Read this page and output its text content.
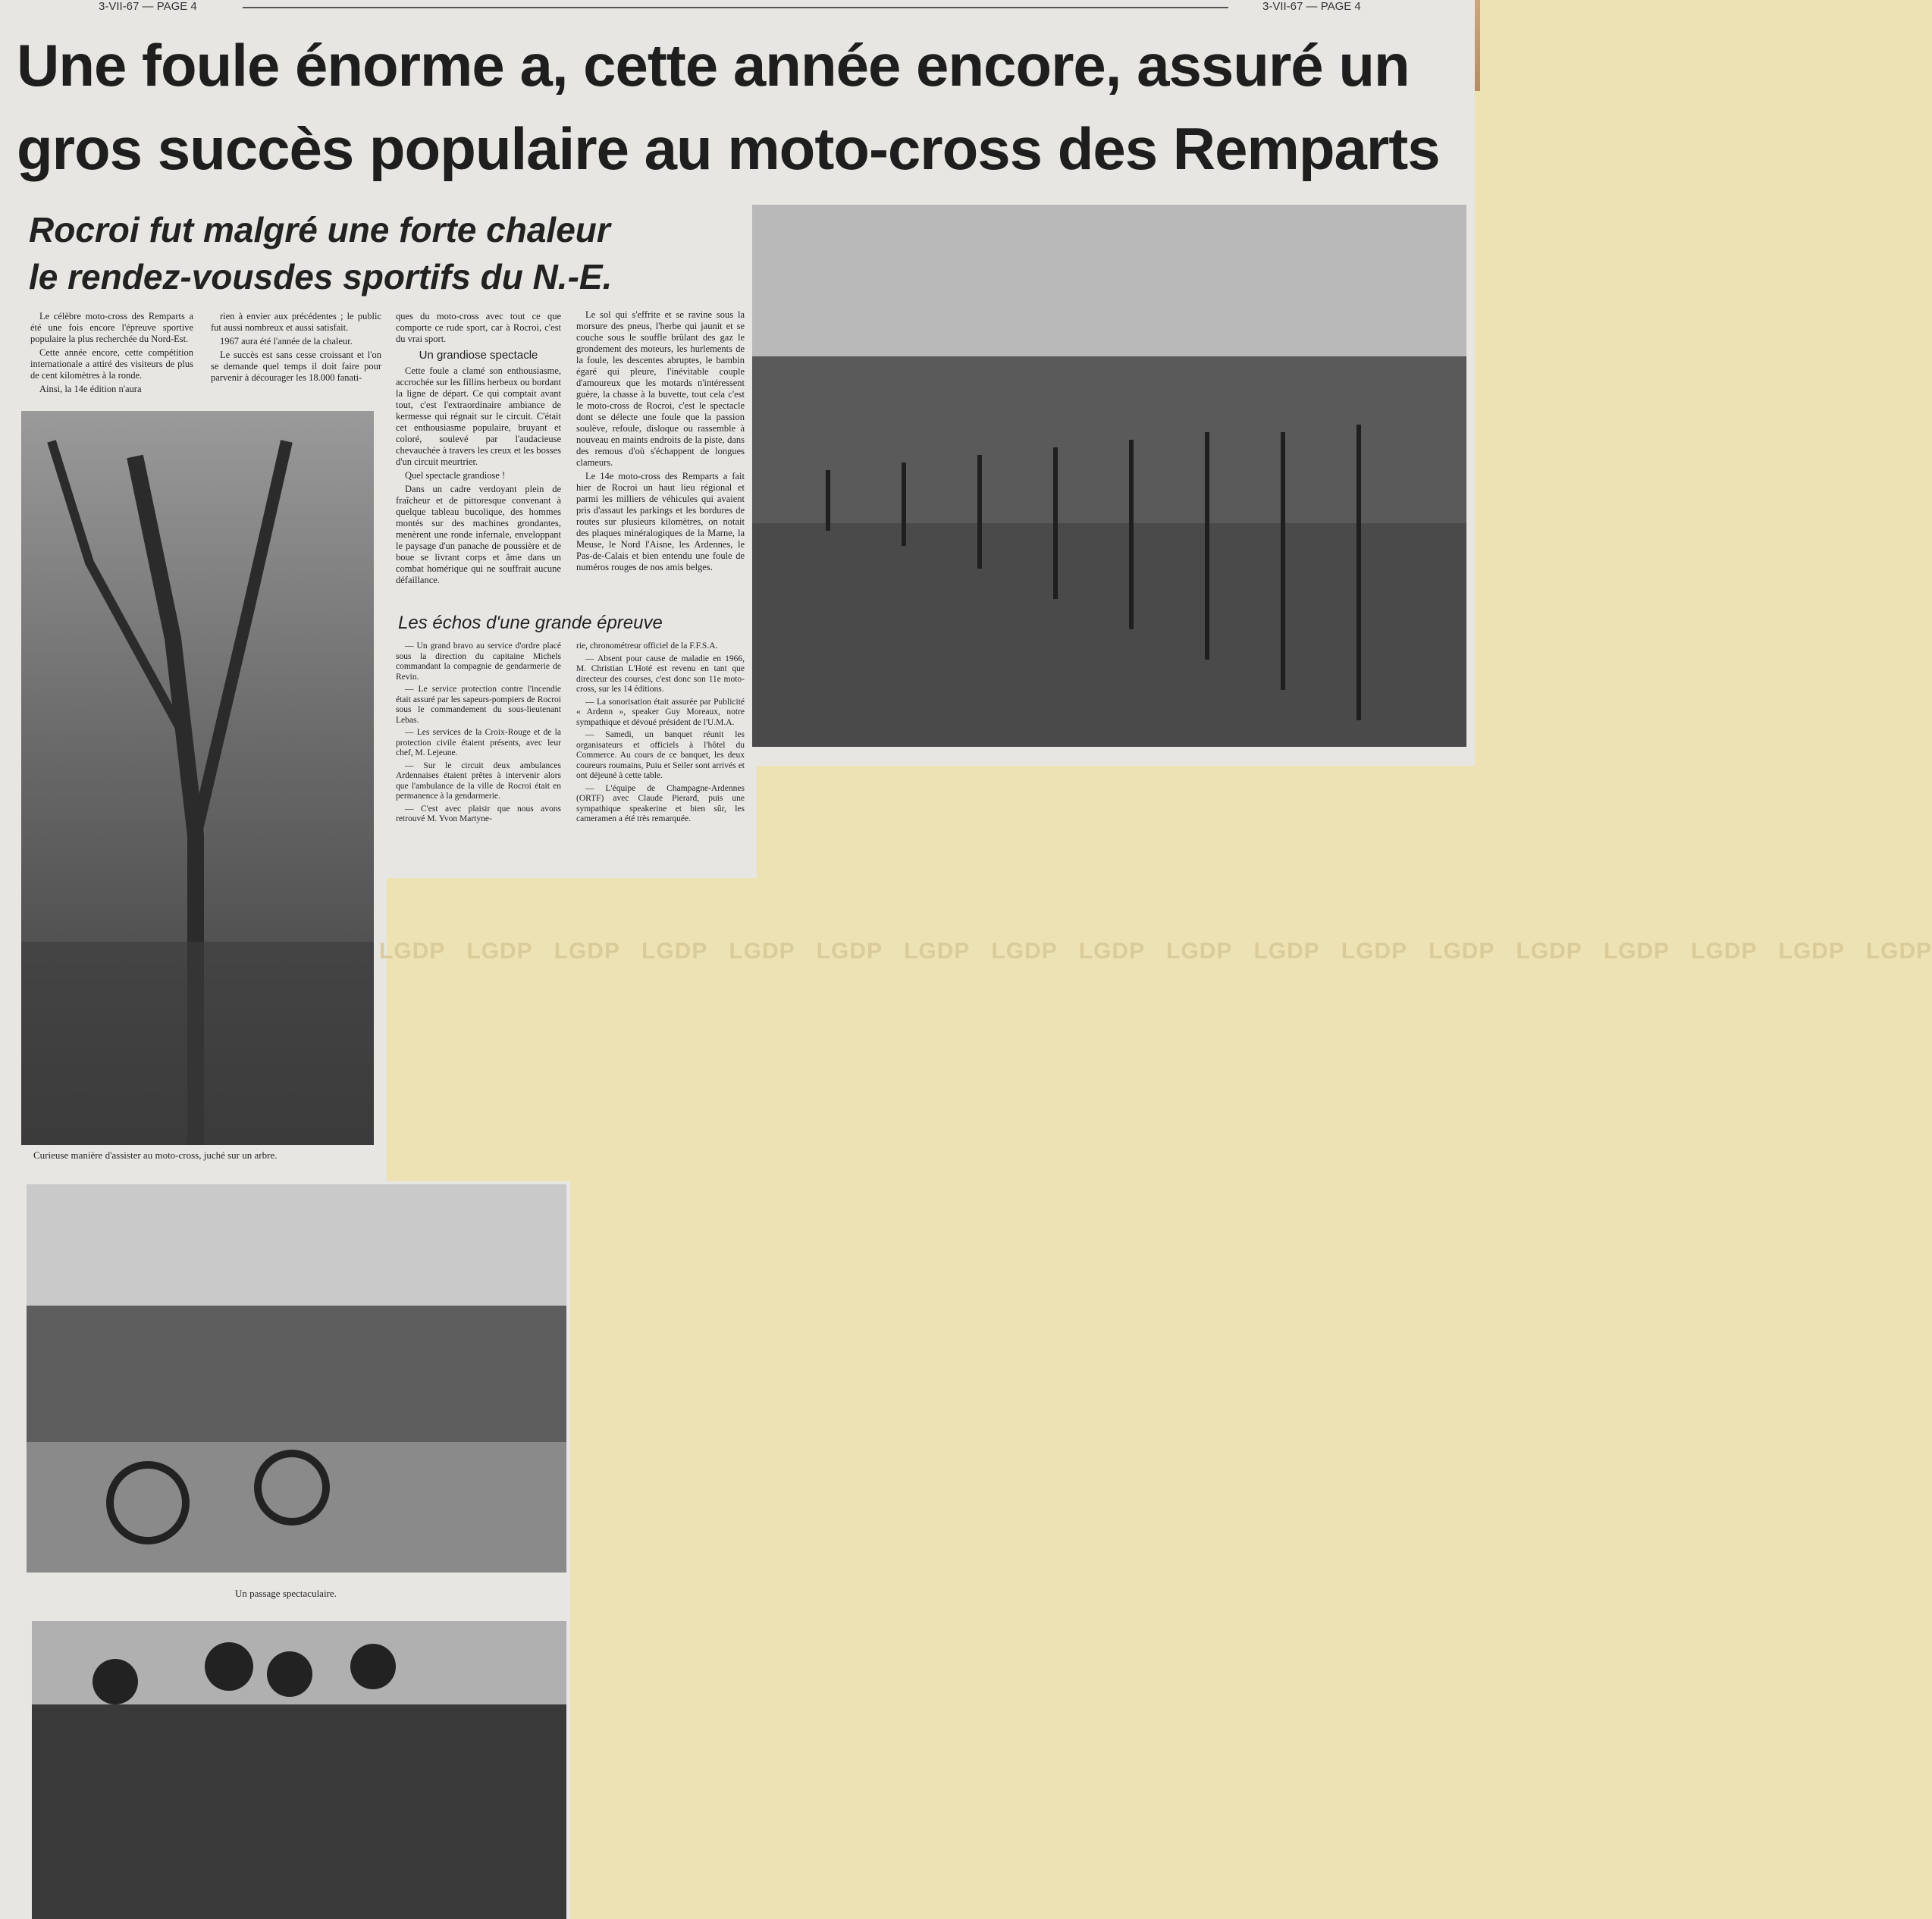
3-VII-67 — PAGE 4	3-VII-67 — PAGE 4
Une foule énorme a, cette année encore, assuré un
gros succès populaire au moto-cross des Remparts
Rocroi fut malgré une forte chaleur
le rendez-vousdes sportifs du N.-E.

Le célèbre moto-cross des Remparts a été une fois encore l'épreuve sportive populaire la plus recherchée du Nord-Est.

Cette année encore, cette compétition internationale a attiré des visiteurs de plus de cent kilomètres à la ronde.

Ainsi, la 14e édition n'aura

rien à envier aux précédentes ; le public fut aussi nombreux et aussi satisfait.

1967 aura été l'année de la chaleur.

Le succès est sans cesse croissant et l'on se demande quel temps il doit faire pour parvenir à décourager les 18.000 fanati-

ques du moto-cross avec tout ce que comporte ce rude sport, car à Rocroi, c'est du vrai sport.

Un grandiose spectacle

Cette foule a clamé son enthousiasme, accrochée sur les fillins herbeux ou bordant la ligne de départ. Ce qui comptait avant tout, c'est l'extraordinaire ambiance de kermesse qui régnait sur le circuit. C'était cet enthousiasme populaire, bruyant et coloré, soulevé par l'audacieuse chevauchée à travers les creux et les bosses d'un circuit meurtrier.

Quel spectacle grandiose !

Dans un cadre verdoyant plein de fraîcheur et de pittoresque convenant à quelque tableau bucolique, des hommes montés sur des machines grondantes, menèrent une ronde infernale, enveloppant le paysage d'un panache de poussière et de boue se livrant corps et âme dans un combat homérique qui ne souffrait aucune défaillance.

Le sol qui s'effrite et se ravine sous la morsure des pneus, l'herbe qui jaunit et se couche sous le souffle brûlant des gaz le grondement des moteurs, les hurlements de la foule, les descentes abruptes, le bambin égaré qui pleure, l'inévitable couple d'amoureux que les motards n'intéressent guère, la chasse à la buvette, tout cela c'est le moto-cross de Rocroi, c'est le spectacle dont se délecte une foule que la passion soulève, refoule, disloque ou rassemble à nouveau en maints endroits de la piste, dans des remous d'où s'échappent de longues clameurs.

Le 14e moto-cross des Remparts a fait hier de Rocroi un haut lieu régional et parmi les milliers de véhicules qui avaient pris d'assaut les parkings et les bordures de routes sur plusieurs kilomètres, on notait des plaques minéralogiques de la Marne, la Meuse, le Nord l'Aisne, les Ardennes, le Pas-de-Calais et bien entendu une foule de numéros rouges de nos amis belges.

Les échos d'une grande épreuve

— Un grand bravo au service d'ordre placé sous la direction du capitaine Michels commandant la compagnie de gendarmerie de Revin.

— Le service protection contre l'incendie était assuré par les sapeurs-pompiers de Rocroi sous le commandement du sous-lieutenant Lebas.

— Les services de la Croix-Rouge et de la protection civile étaient présents, avec leur chef, M. Lejeune.

— Sur le circuit deux ambulances Ardennaises étaient prêtes à intervenir alors que l'ambulance de la ville de Rocroi était en permanence à la gendarmerie.

— C'est avec plaisir que nous avons retrouvé M. Yvon Martyne-

rie, chronométreur officiel de la F.F.S.A.

— Absent pour cause de maladie en 1966, M. Christian L'Hoté est revenu en tant que directeur des courses, c'est donc son 11e moto-cross, sur les 14 éditions.

— La sonorisation était assurée par Publicité « Ardenn », speaker Guy Moreaux, notre sympathique et dévoué président de l'U.M.A.

— Samedi, un banquet réunit les organisateurs et officiels à l'hôtel du Commerce. Au cours de ce banquet, les deux coureurs roumains, Puiu et Seiler sont arrivés et ont déjeuné à cette table.

— L'équipe de Champagne-Ardennes (ORTF) avec Claude Pierard, puis une sympathique speakerine et bien sûr, les cameramen a été très remarquée.

Curieuse manière d'assister au moto-cross, juché sur un arbre.
Un passage spectaculaire.
LGDP LGDP LGDP LGDP LGDP LGDP LGDP LGDP LGDP LGDP LGDP LGDP LGDP LGDP LGDP LGDP LGDP LGDP
